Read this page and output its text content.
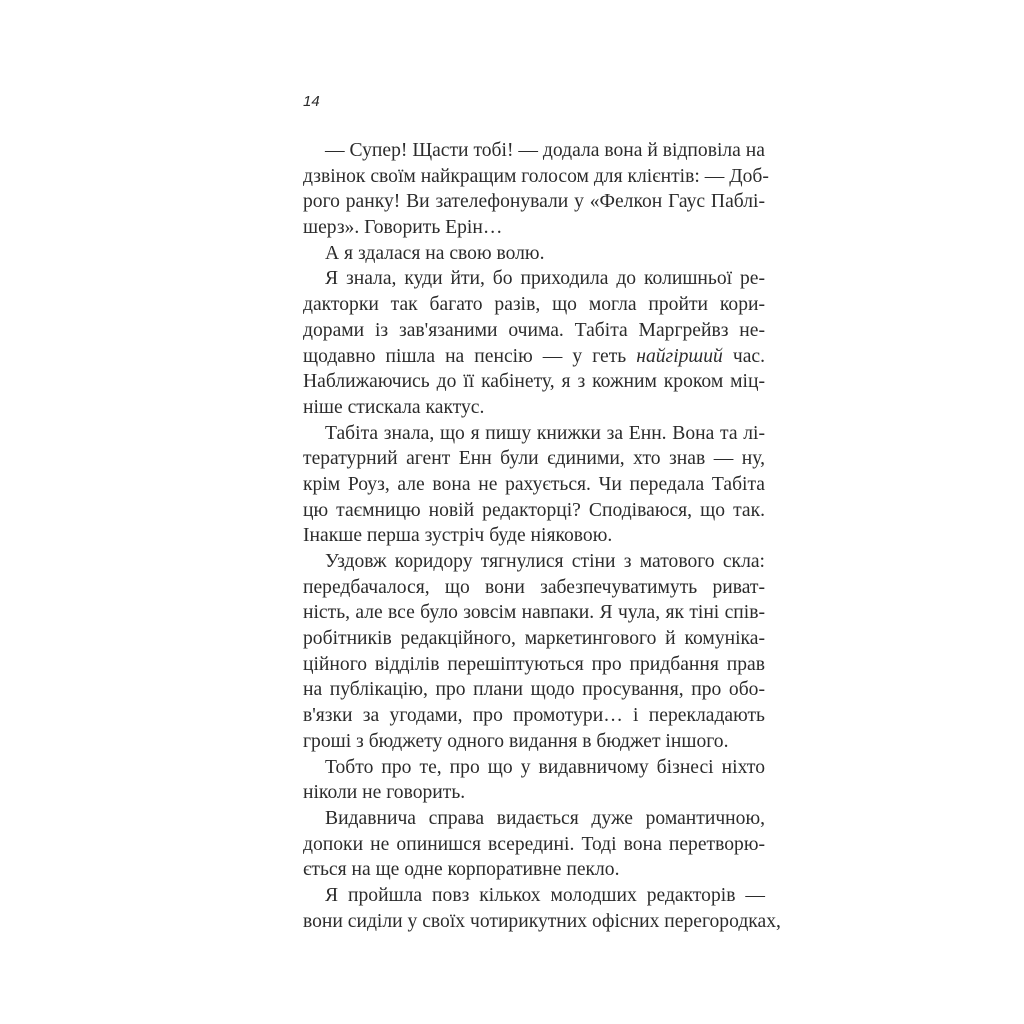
14
— Супер! Щасти тобі! — додала вона й відповіла на
дзвінок своїм найкращим голосом для клієнтів: — Доб-
рого ранку! Ви зателефонували у «Фелкон Гаус Паблі-
шерз». Говорить Ерін…
А я здалася на свою волю.
Я знала, куди йти, бо приходила до колишньої ре-
дакторки так багато разів, що могла пройти кори-
дорами із зав'язаними очима. Табіта Маргрейвз не-
щодавно пішла на пенсію — у геть найгірший час.
Наближаючись до її кабінету, я з кожним кроком міц-
ніше стискала кактус.
Табіта знала, що я пишу книжки за Енн. Вона та лі-
тературний агент Енн були єдиними, хто знав — ну,
крім Роуз, але вона не рахується. Чи передала Табіта
цю таємницю новій редакторці? Сподіваюся, що так.
Інакше перша зустріч буде ніяковою.
Уздовж коридору тягнулися стіни з матового скла:
передбачалося, що вони забезпечуватимуть риват-
ність, але все було зовсім навпаки. Я чула, як тіні спів-
робітників редакційного, маркетингового й комуніка-
ційного відділів перешіптуються про придбання прав
на публікацію, про плани щодо просування, про обо-
в'язки за угодами, про промотури… і перекладають
гроші з бюджету одного видання в бюджет іншого.
Тобто про те, про що у видавничому бізнесі ніхто
ніколи не говорить.
Видавнича справа видається дуже романтичною,
допоки не опинишся всередині. Тоді вона перетворю-
ється на ще одне корпоративне пекло.
Я пройшла повз кількох молодших редакторів —
вони сиділи у своїх чотирикутних офісних перегородках,
